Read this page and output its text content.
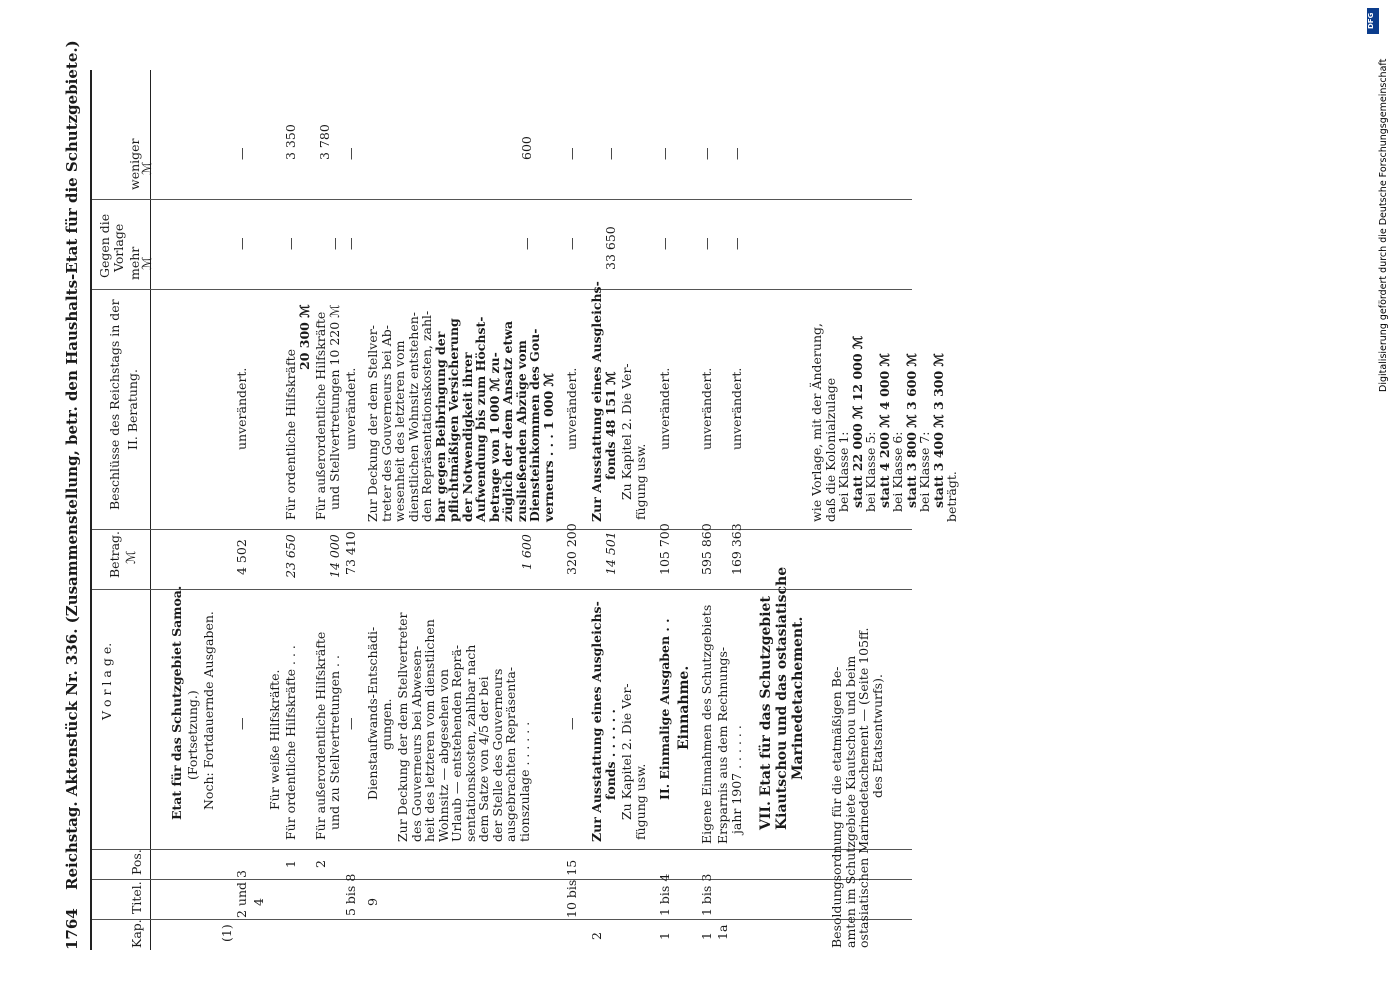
1764
Reichstag. Aktenstück Nr. 336. (Zusammenstellung, betr. den Haushalts-Etat für die Schutzgebiete.)
Kap.
Titel.
Pos.
V o r l a g e.
Betrag. ℳ
Beschlüsse des Reichstags in der II. Beratung.
Gegen die Vorlage mehr
ℳ
weniger
ℳ
Etat für das Schutzgebiet Samoa. (Fortsetzung.) Noch: Fortdauernde Ausgaben.
(1)
2 und 3
—
4 502
unverändert.
—
—
4
Für weiße Hilfskräfte.
1
Für ordentliche Hilfskräfte . . .
23 650
Für ordentliche Hilfskräfte
20 300 ℳ
—
3 350
2
Für außerordentliche Hilfskräfte und zu Stellvertretungen . .
14 000
Für außerordentliche Hilfskräfte und Stellvertretungen 10 220 ℳ
—
3 780
5 bis 8
—
73 410
unverändert.
—
—
9
Dienstaufwands-Entschädi- gungen. Zur Deckung der dem Stellvertreter
des Gouverneurs bei Abwesen-
heit des letzteren vom dienstlichen
Wohnsitz — abgesehen von
Urlaub — entstehenden Reprä-
sentationskosten, zahlbar nach
dem Satze von 4/5 der bei
der Stelle des Gouverneurs
ausgebrachten Repräsenta-
tionszulage . . . . . .
1 600
Zur Deckung der dem Stellver-
treter des Gouverneurs bei Ab-
wesenheit des letzteren vom
dienstlichen Wohnsitz entstehen-
den Repräsentationskosten, zahl-
bar gegen Beibringung der
pflichtmäßigen Versicherung
der Notwendigkeit ihrer
Aufwendung bis zum Höchst-
betrage von 1 000 ℳ zu-
züglich der dem Ansatz etwa
zusließenden Abzüge vom
Diensteinkommen des Gou-
verneurs . . . 1 000 ℳ
—
600
10 bis 15
—
320 200
unverändert.
—
—
2
Zur Ausstattung eines Ausgleichs- fonds . . . . . . Zu Kapitel 2. Die Ver- fügung usw.
14 501
Zur Ausstattung eines Ausgleichs- fonds 48 151 ℳ Zu Kapitel 2. Die Ver- fügung usw.
33 650
—
1
1 bis 4
II. Einmalige Ausgaben . .
105 700
unverändert.
—
—
Einnahme.
1
1 bis 3
Eigene Einnahmen des Schutzgebiets
595 860
unverändert.
—
—
1a
Ersparnis aus dem Rechnungs- jahr 1907 . . . . . .
169 363
unverändert.
—
—
VII. Etat für das Schutzgebiet Kiautschou und das ostasiatische Marinedetachement. Besoldungsordnung für die etatmäßigen Be-
amten im Schutzgebiete Kiautschou und beim
ostasiatischen Marinedetachement — (Seite 105ff.
des Etatsentwurfs).
wie Vorlage, mit der Änderung,
daß die Kolonialzulage
bei Klasse 1:
statt 22 000 ℳ 12 000 ℳ
bei Klasse 5:
statt 4 200 ℳ 4 000 ℳ
bei Klasse 6:
statt 3 800 ℳ 3 600 ℳ
bei Klasse 7:
statt 3 400 ℳ 3 300 ℳ
beträgt.
DFG
Digitalisierung gefördert durch die Deutsche Forschungsgemeinschaft
